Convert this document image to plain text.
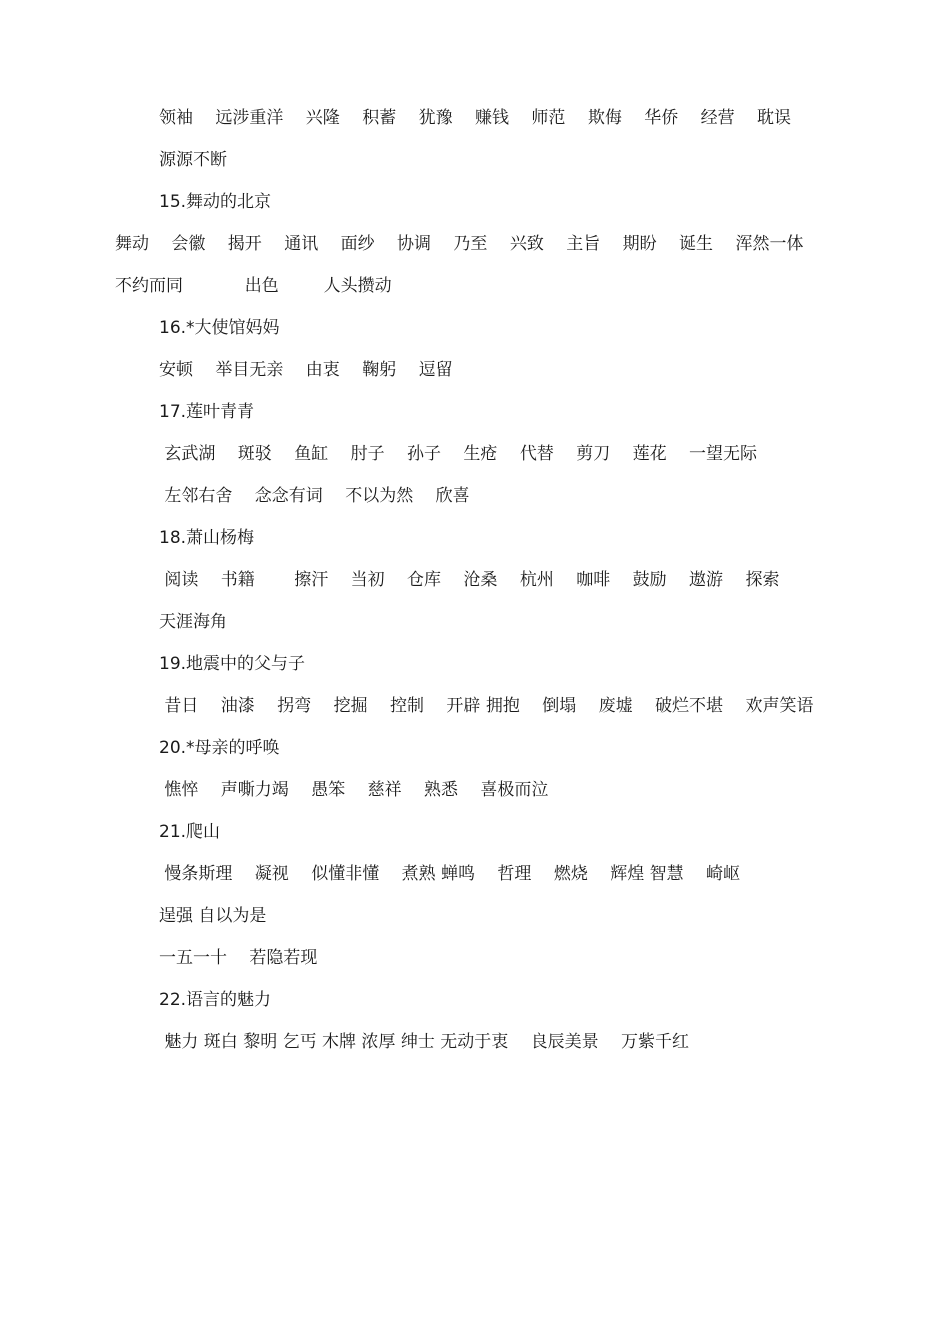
领袖　 远涉重洋　 兴隆　 积蓄　 犹豫　 赚钱　 师范　 欺侮　 华侨　 经营　 耽误

源源不断

15.舞动的北京

舞动　 会徽　 揭开　 通讯　 面纱　 协调　 乃至　 兴致　 主旨　 期盼　 诞生　 浑然一体

不约而同　 　 　出色　 　 人头攒动

16.*大使馆妈妈

安顿　 举目无亲　 由衷　 鞠躬　 逗留

17.莲叶青青

玄武湖　 斑驳　 鱼缸　 肘子　 孙子　 生疮　 代替　 剪刀　 莲花　 一望无际

左邻右舍　 念念有词　 不以为然　 欣喜

18.萧山杨梅

阅读　 书籍　 　擦汗　 当初　 仓库　 沧桑　 杭州　 咖啡　 鼓励　 遨游　 探索

天涯海角

19.地震中的父与子

昔日　 油漆　 拐弯　 挖掘　 控制　 开辟 拥抱　 倒塌　 废墟　 破烂不堪　 欢声笑语

20.*母亲的呼唤

憔悴　 声嘶力竭　 愚笨　 慈祥　 熟悉　 喜极而泣

21.爬山

慢条斯理　 凝视　 似懂非懂　 煮熟 蝉鸣　 哲理　 燃烧　 辉煌 智慧　 崎岖

逞强 自以为是

一五一十　 若隐若现

22.语言的魅力

魅力 斑白 黎明 乞丐 木牌 浓厚 绅士 无动于衷　 良辰美景　 万紫千红
